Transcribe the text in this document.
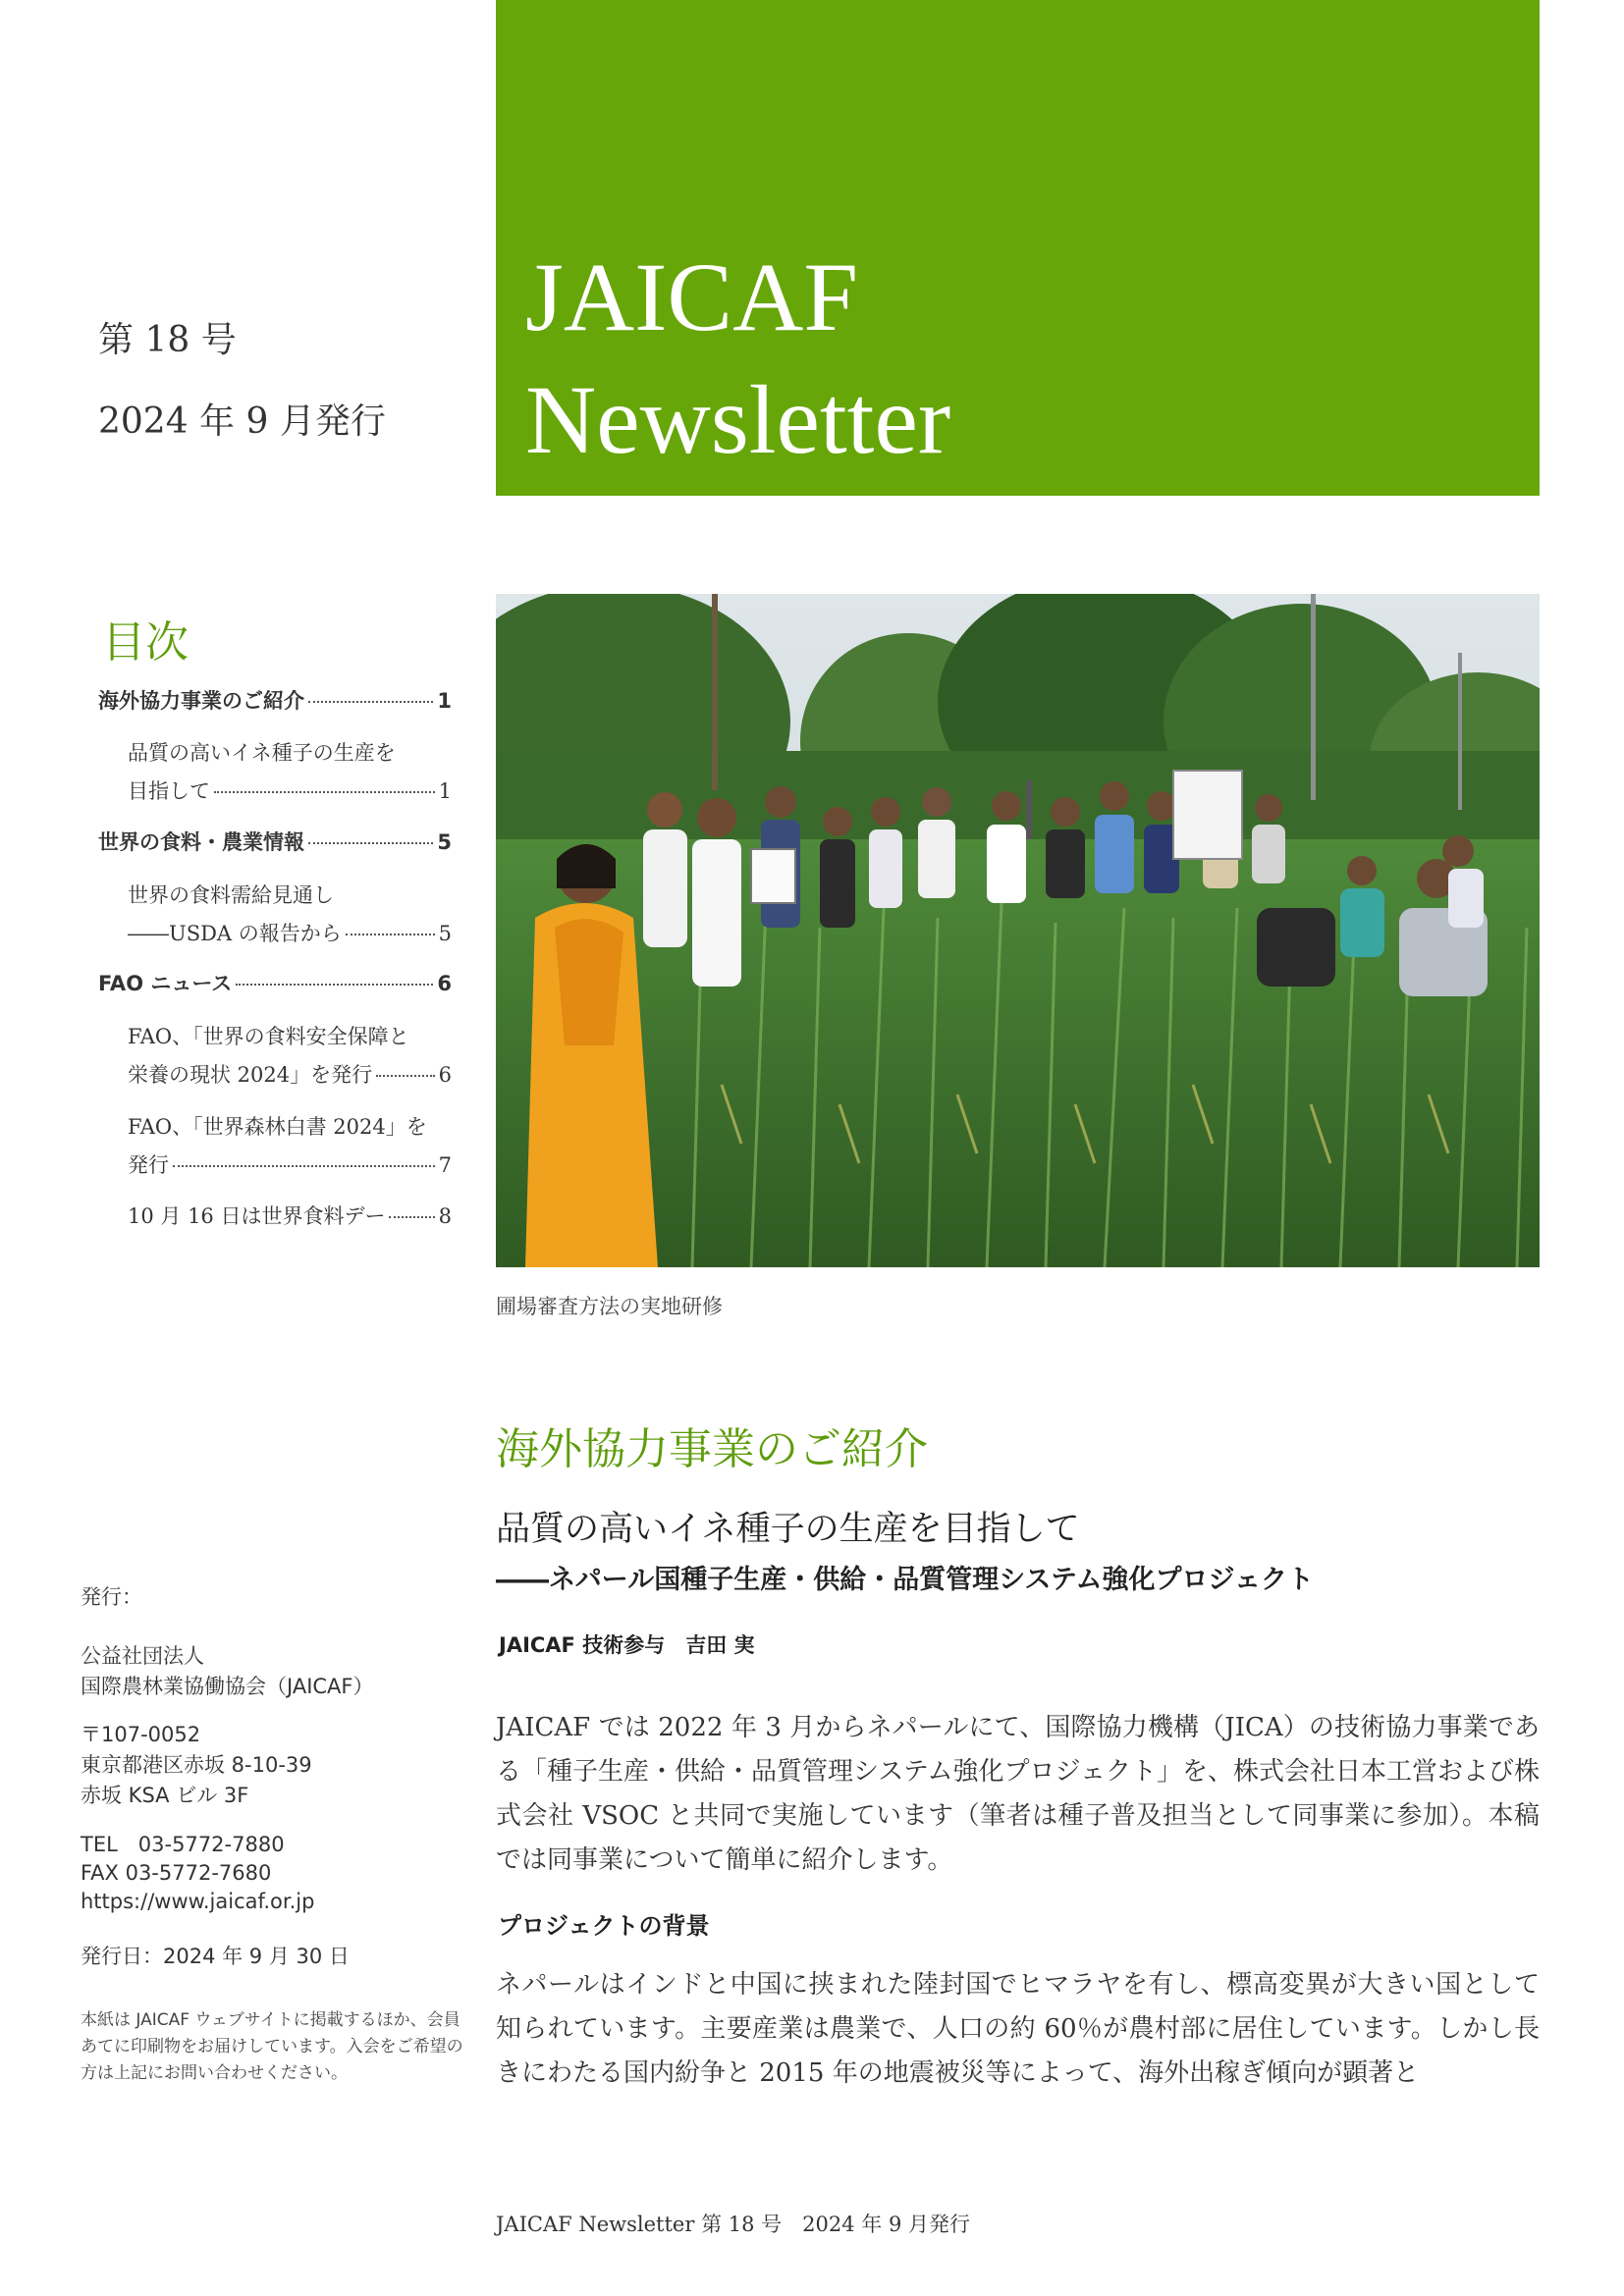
JAICAF
Newsletter
第 18 号
2024 年 9 月発行
目次
海外協力事業のご紹介	1
品質の高いイネ種子の生産を
目指して	1
世界の食料・農業情報	5
世界の食料需給見通し
――USDA の報告から	5
FAO ニュース	6
FAO、「世界の食料安全保障と
栄養の現状 2024」を発行	6
FAO、「世界森林白書 2024」を
発行	7
10 月 16 日は世界食料デー	8
圃場審査方法の実地研修
海外協力事業のご紹介
品質の高いイネ種子の生産を目指して
――ネパール国種子生産・供給・品質管理システム強化プロジェクト
JAICAF 技術参与　吉田 実
JAICAF では 2022 年 3 月からネパールにて、国際協力機構（JICA）の技術協力事業である「種子生産・供給・品質管理システム強化プロジェクト」を、株式会社日本工営および株式会社 VSOC と共同で実施しています（筆者は種子普及担当として同事業に参加）。本稿では同事業について簡単に紹介します。
プロジェクトの背景
ネパールはインドと中国に挟まれた陸封国でヒマラヤを有し、標高変異が大きい国として知られています。主要産業は農業で、人口の約 60％が農村部に居住しています。しかし長きにわたる国内紛争と 2015 年の地震被災等によって、海外出稼ぎ傾向が顕著と
発行：
公益社団法人
国際農林業協働協会（JAICAF）
〒107-0052
東京都港区赤坂 8-10-39
赤坂 KSA ビル 3F
TEL　03-5772-7880
FAX 03-5772-7680
https://www.jaicaf.or.jp
発行日：2024 年 9 月 30 日
本紙は JAICAF ウェブサイトに掲載するほか、会員あてに印刷物をお届けしています。入会をご希望の方は上記にお問い合わせください。
JAICAF Newsletter 第 18 号　2024 年 9 月発行
